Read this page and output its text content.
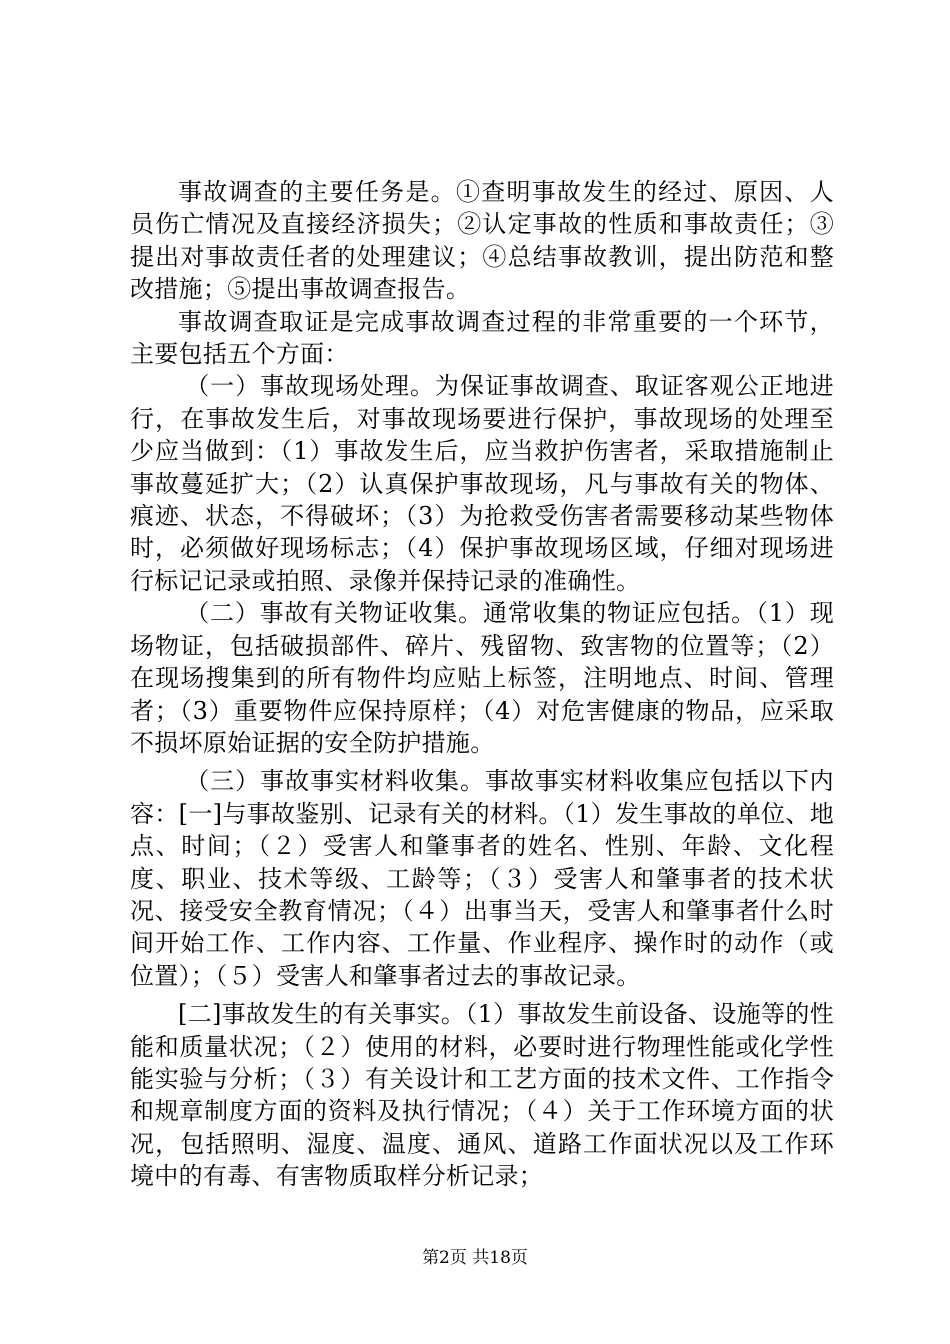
事故调查的主要任务是。①查明事故发生的经过、原因、人员伤亡情况及直接经济损失；②认定事故的性质和事故责任；③提出对事故责任者的处理建议；④总结事故教训，提出防范和整改措施；⑤提出事故调查报告。

事故调查取证是完成事故调查过程的非常重要的一个环节，主要包括五个方面：

（一）事故现场处理。为保证事故调查、取证客观公正地进行，在事故发生后，对事故现场要进行保护，事故现场的处理至少应当做到：（1）事故发生后，应当救护伤害者，采取措施制止事故蔓延扩大；（2）认真保护事故现场，凡与事故有关的物体、痕迹、状态，不得破坏；（3）为抢救受伤害者需要移动某些物体时，必须做好现场标志；（4）保护事故现场区域，仔细对现场进行标记记录或拍照、录像并保持记录的准确性。

（二）事故有关物证收集。通常收集的物证应包括。（1）现场物证，包括破损部件、碎片、残留物、致害物的位置等；（2）在现场搜集到的所有物件均应贴上标签，注明地点、时间、管理者；（3）重要物件应保持原样；（4）对危害健康的物品，应采取不损坏原始证据的安全防护措施。

（三）事故事实材料收集。事故事实材料收集应包括以下内容：[一]与事故鉴别、记录有关的材料。（1）发生事故的单位、地点、时间；（２）受害人和肇事者的姓名、性别、年龄、文化程度、职业、技术等级、工龄等；（３）受害人和肇事者的技术状况、接受安全教育情况；（４）出事当天，受害人和肇事者什么时间开始工作、工作内容、工作量、作业程序、操作时的动作（或位置）；（５）受害人和肇事者过去的事故记录。

[二]事故发生的有关事实。（1）事故发生前设备、设施等的性能和质量状况；（２）使用的材料，必要时进行物理性能或化学性能实验与分析；（３）有关设计和工艺方面的技术文件、工作指令和规章制度方面的资料及执行情况；（４）关于工作环境方面的状况，包括照明、湿度、温度、通风、道路工作面状况以及工作环境中的有毒、有害物质取样分析记录；

第2页 共18页
